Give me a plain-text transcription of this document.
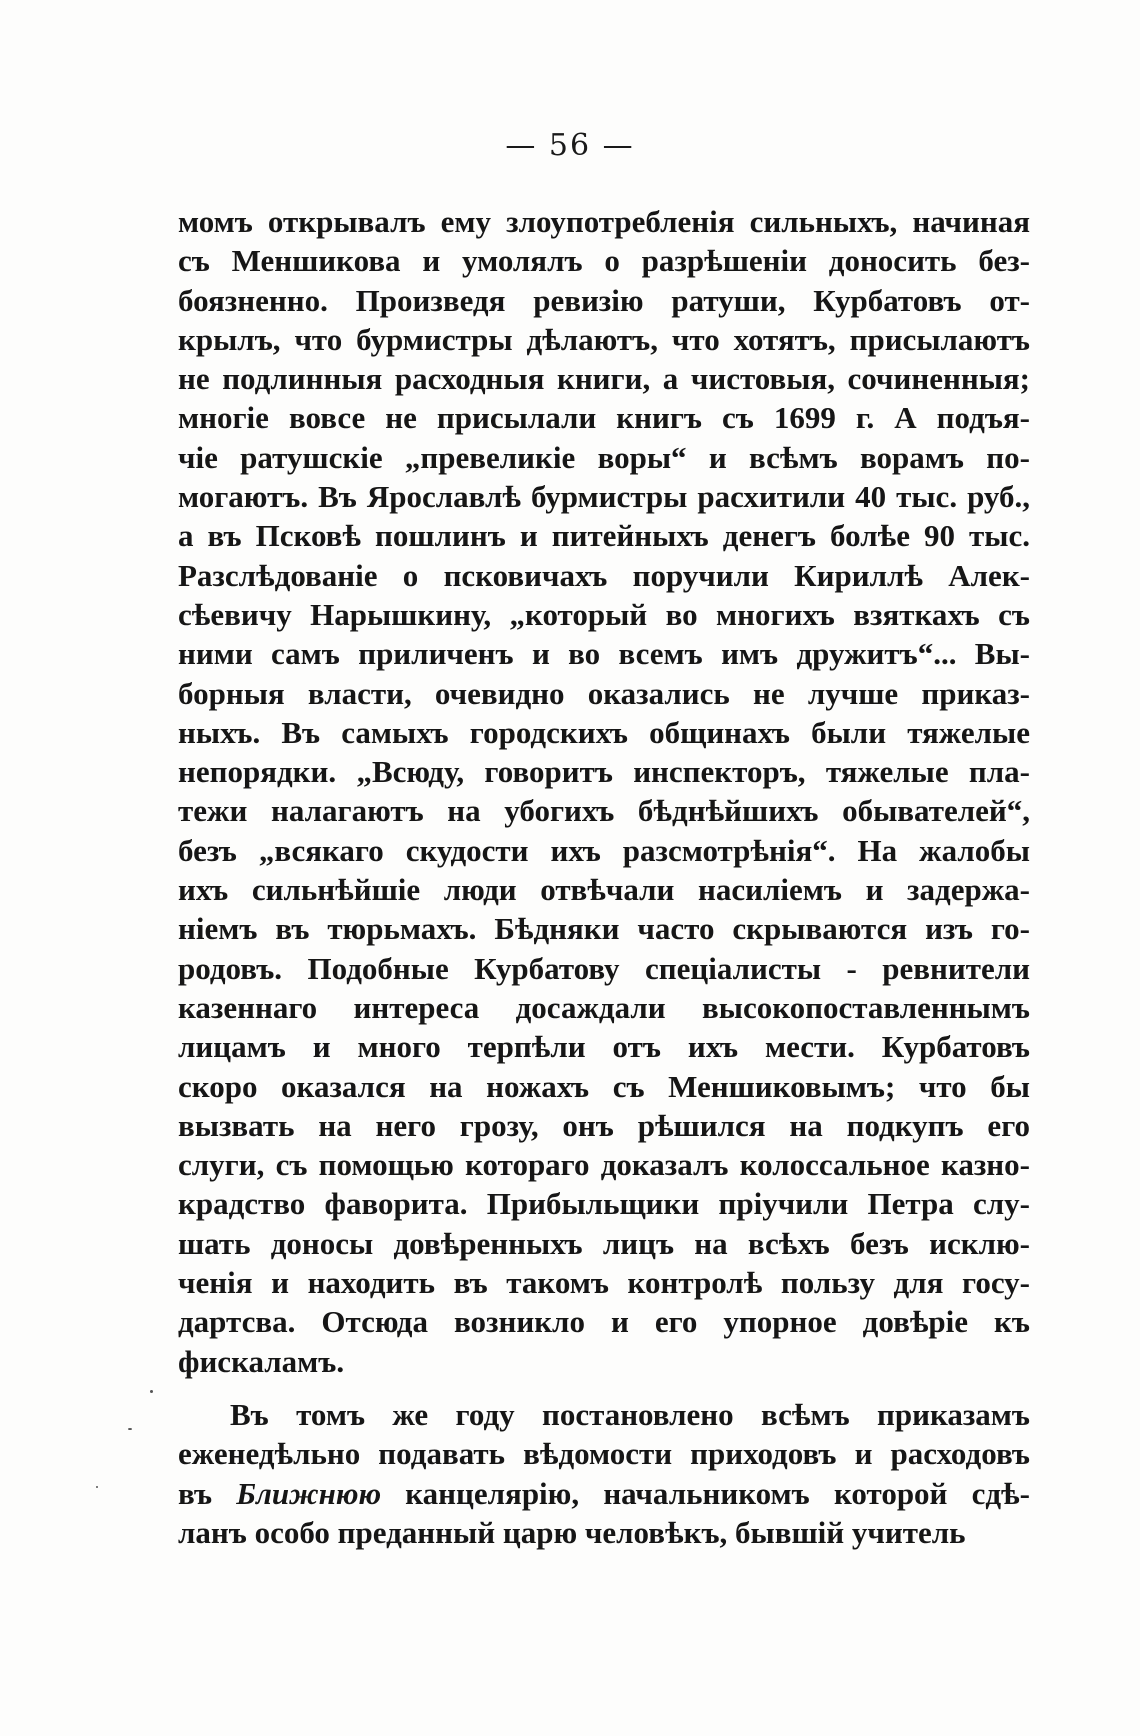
— 56 —
момъ открывалъ ему злоупотребленія сильныхъ, начиная
съ Меншикова и умолялъ о разрѣшеніи доносить без-
боязненно. Произведя ревизію ратуши, Курбатовъ от-
крылъ, что бурмистры дѣлаютъ, что хотятъ, присылаютъ
не подлинныя расходныя книги, а чистовыя, сочиненныя;
многіе вовсе не присылали книгъ съ 1699 г. А подъя-
чіе ратушскіе „превеликіе воры“ и всѣмъ ворамъ по-
могаютъ. Въ Ярославлѣ бурмистры расхитили 40 тыс. руб.,
а въ Псковѣ пошлинъ и питейныхъ денегъ болѣе 90 тыс.
Разслѣдованіе о псковичахъ поручили Кириллѣ Алек-
сѣевичу Нарышкину, „который во многихъ взяткахъ съ
ними самъ приличенъ и во всемъ имъ дружитъ“... Вы-
борныя власти, очевидно оказались не лучше приказ-
ныхъ. Въ самыхъ городскихъ общинахъ были тяжелые
непорядки. „Всюду, говоритъ инспекторъ, тяжелые пла-
тежи налагаютъ на убогихъ бѣднѣйшихъ обывателей“,
безъ „всякаго скудости ихъ разсмотрѣнія“. На жалобы
ихъ сильнѣйшіе люди отвѣчали насиліемъ и задержа-
ніемъ въ тюрьмахъ. Бѣдняки часто скрываются изъ го-
родовъ. Подобные Курбатову спеціалисты - ревнители
казеннаго интереса досаждали высокопоставленнымъ
лицамъ и много терпѣли отъ ихъ мести. Курбатовъ
скоро оказался на ножахъ съ Меншиковымъ; что бы
вызвать на него грозу, онъ рѣшился на подкупъ его
слуги, съ помощью котораго доказалъ колоссальное казно-
крадство фаворита. Прибыльщики пріучили Петра слу-
шать доносы довѣренныхъ лицъ на всѣхъ безъ исклю-
ченія и находить въ такомъ контролѣ пользу для госу-
дартсва. Отсюда возникло и его упорное довѣріе къ
фискаламъ.
Въ томъ же году постановлено всѣмъ приказамъ
еженедѣльно подавать вѣдомости приходовъ и расходовъ
въ Ближнюю канцелярію, начальникомъ которой сдѣ-
ланъ особо преданный царю человѣкъ, бывшій учитель
